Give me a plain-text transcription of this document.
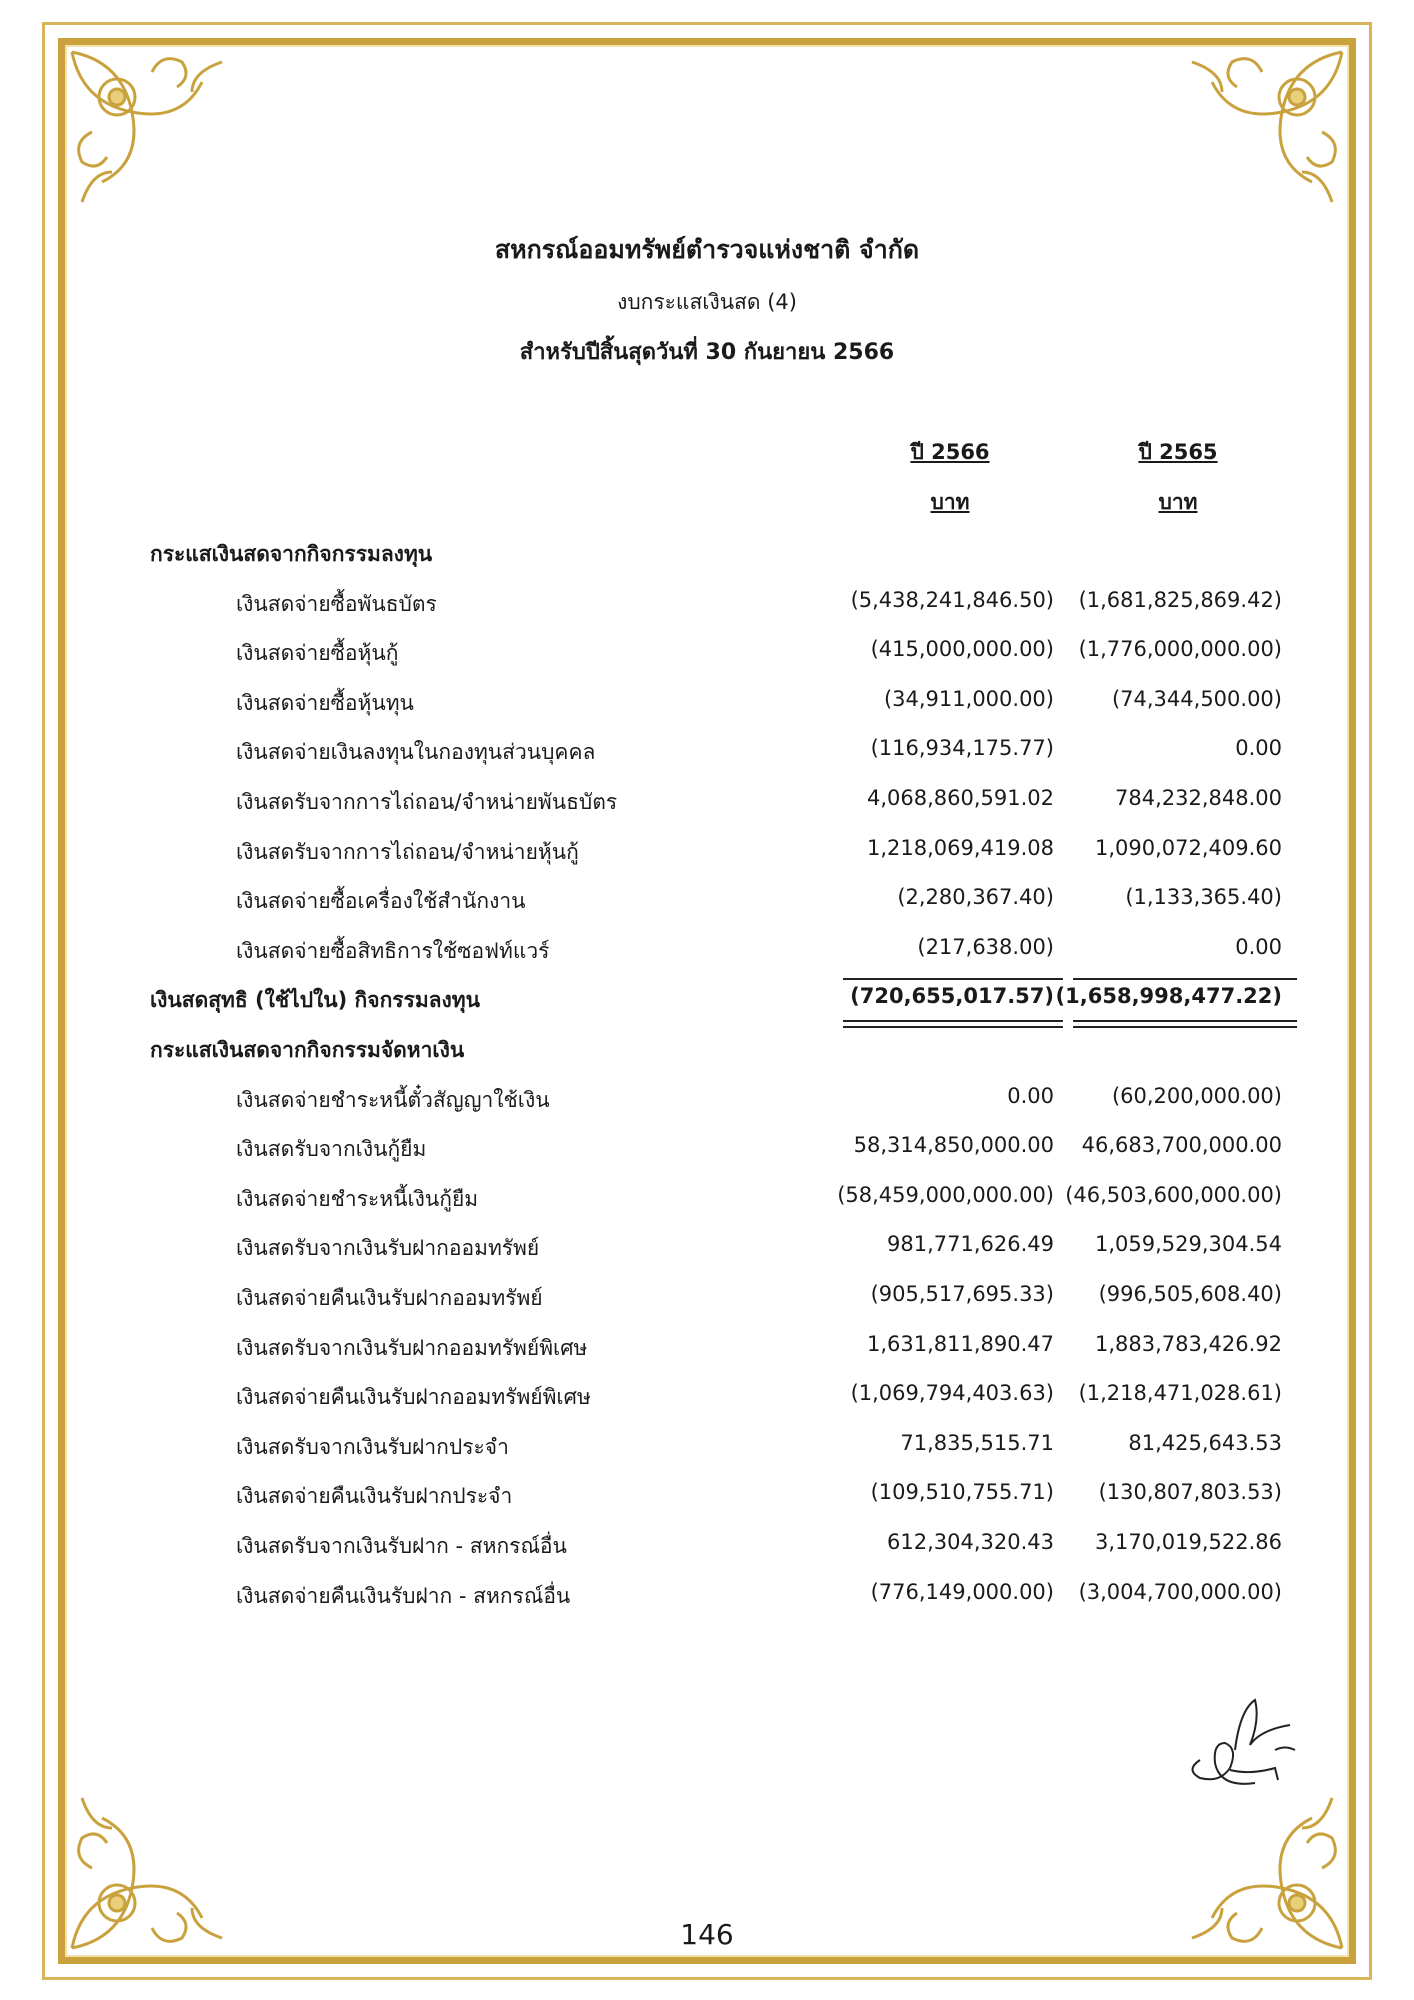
สหกรณ์ออมทรัพย์ตำรวจแห่งชาติ จำกัด
งบกระแสเงินสด (4)
สำหรับปีสิ้นสุดวันที่ 30 กันยายน 2566
ปี 2566	ปี 2565
บาท	บาท
กระแสเงินสดจากกิจกรรมลงทุน
เงินสดจ่ายซื้อพันธบัตร	(5,438,241,846.50) (1,681,825,869.42)
เงินสดจ่ายซื้อหุ้นกู้	(415,000,000.00) (1,776,000,000.00)
เงินสดจ่ายซื้อหุ้นทุน	(34,911,000.00)	(74,344,500.00)
เงินสดจ่ายเงินลงทุนในกองทุนส่วนบุคคล	(116,934,175.77)	0.00
เงินสดรับจากการไถ่ถอน/จำหน่ายพันธบัตร	4,068,860,591.02	784,232,848.00
เงินสดรับจากการไถ่ถอน/จำหน่ายหุ้นกู้	1,218,069,419.08 1,090,072,409.60
เงินสดจ่ายซื้อเครื่องใช้สำนักงาน	(2,280,367.40)	(1,133,365.40)
เงินสดจ่ายซื้อสิทธิการใช้ซอฟท์แวร์	(217,638.00)	0.00
เงินสดสุทธิ (ใช้ไปใน) กิจกรรมลงทุน	(720,655,017.57) (1,658,998,477.22)
กระแสเงินสดจากกิจกรรมจัดหาเงิน
เงินสดจ่ายชำระหนี้ตั๋วสัญญาใช้เงิน	0.00	(60,200,000.00)
เงินสดรับจากเงินกู้ยืม	58,314,850,000.00 46,683,700,000.00
เงินสดจ่ายชำระหนี้เงินกู้ยืม	(58,459,000,000.00) (46,503,600,000.00)
เงินสดรับจากเงินรับฝากออมทรัพย์	981,771,626.49 1,059,529,304.54
เงินสดจ่ายคืนเงินรับฝากออมทรัพย์	(905,517,695.33) (996,505,608.40)
เงินสดรับจากเงินรับฝากออมทรัพย์พิเศษ	1,631,811,890.47 1,883,783,426.92
เงินสดจ่ายคืนเงินรับฝากออมทรัพย์พิเศษ	(1,069,794,403.63) (1,218,471,028.61)
เงินสดรับจากเงินรับฝากประจำ	71,835,515.71	81,425,643.53
เงินสดจ่ายคืนเงินรับฝากประจำ	(109,510,755.71) (130,807,803.53)
เงินสดรับจากเงินรับฝาก - สหกรณ์อื่น	612,304,320.43 3,170,019,522.86
เงินสดจ่ายคืนเงินรับฝาก - สหกรณ์อื่น	(776,149,000.00) (3,004,700,000.00)
146
